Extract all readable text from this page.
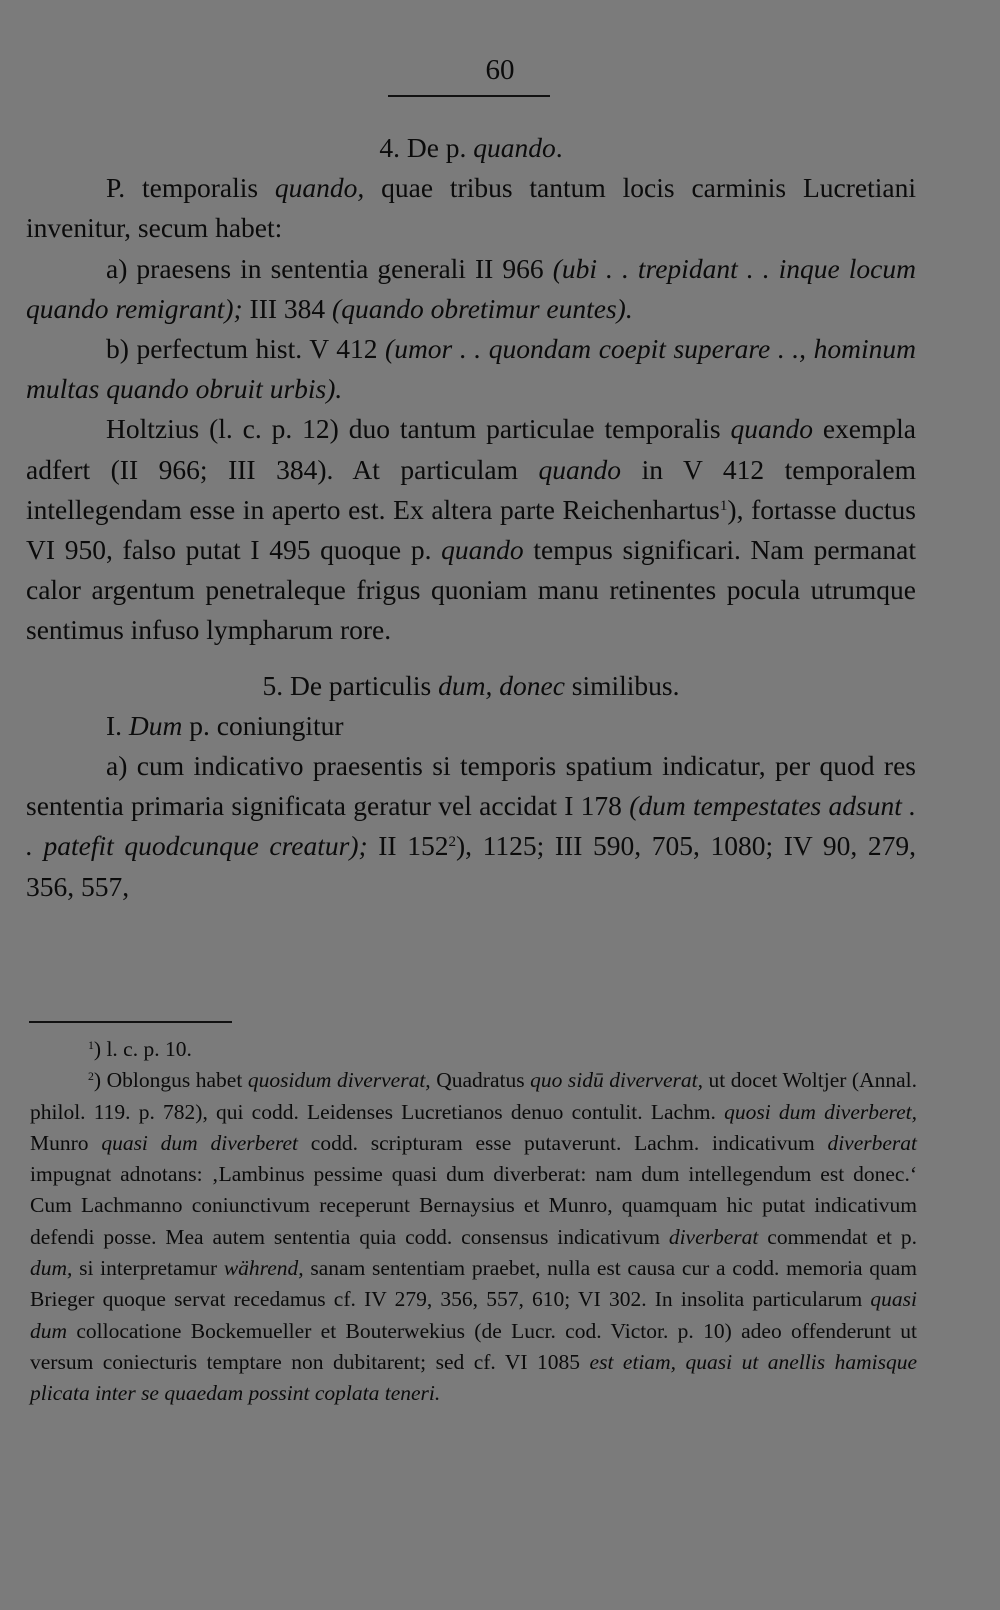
60

4. De p. quando.

P. temporalis quando, quae tribus tantum locis carminis Lucretiani invenitur, secum habet:

a) praesens in sententia generali II 966 (ubi . . trepidant . . inque locum quando remigrant); III 384 (quando obretimur euntes).

b) perfectum hist. V 412 (umor . . quondam coepit superare . ., hominum multas quando obruit urbis).

Holtzius (l. c. p. 12) duo tantum particulae temporalis quando exempla adfert (II 966; III 384). At particulam quando in V 412 temporalem intellegendam esse in aperto est. Ex altera parte Reichenhartus$^1$), fortasse ductus VI 950, falso putat I 495 quoque p. quando tempus significari. Nam permanat calor argentum penetraleque frigus quoniam manu retinentes pocula utrumque sentimus infuso lympharum rore.

5. De particulis dum, donec similibus.

I. Dum p. coniungitur

a) cum indicativo praesentis si temporis spatium indicatur, per quod res sententia primaria significata geratur vel accidat I 178 (dum tempestates adsunt . . patefit quodcunque creatur); II $152^2$), 1125; III 590, 705, 1080; IV 90, 279, 356, 557,

$^1$) l. c. p. 10.

$^2$) Oblongus habet quosidum diververat, Quadratus quo sidū diververat, ut docet Woltjer (Annal. philol. 119. p. 782), qui codd. Leidenses Lucretianos denuo contulit. Lachm. quosi dum diverberet, Munro quasi dum diverberet codd. scripturam esse putaverunt. Lachm. indicativum diverberat impugnat adnotans: ‚Lambinus pessime quasi dum diverberat: nam dum intellegendum est donec.‘ Cum Lachmanno coniunctivum receperunt Bernaysius et Munro, quamquam hic putat indicativum defendi posse. Mea autem sententia quia codd. consensus indicativum diverberat commendat et p. dum, si interpretamur während, sanam sententiam praebet, nulla est causa cur a codd. memoria quam Brieger quoque servat recedamus cf. IV 279, 356, 557, 610; VI 302. In insolita particularum quasi dum collocatione Bockemueller et Bouterwekius (de Lucr. cod. Victor. p. 10) adeo offenderunt ut versum coniecturis temptare non dubitarent; sed cf. VI 1085 est etiam, quasi ut anellis hamisque plicata inter se quaedam possint coplata teneri.
